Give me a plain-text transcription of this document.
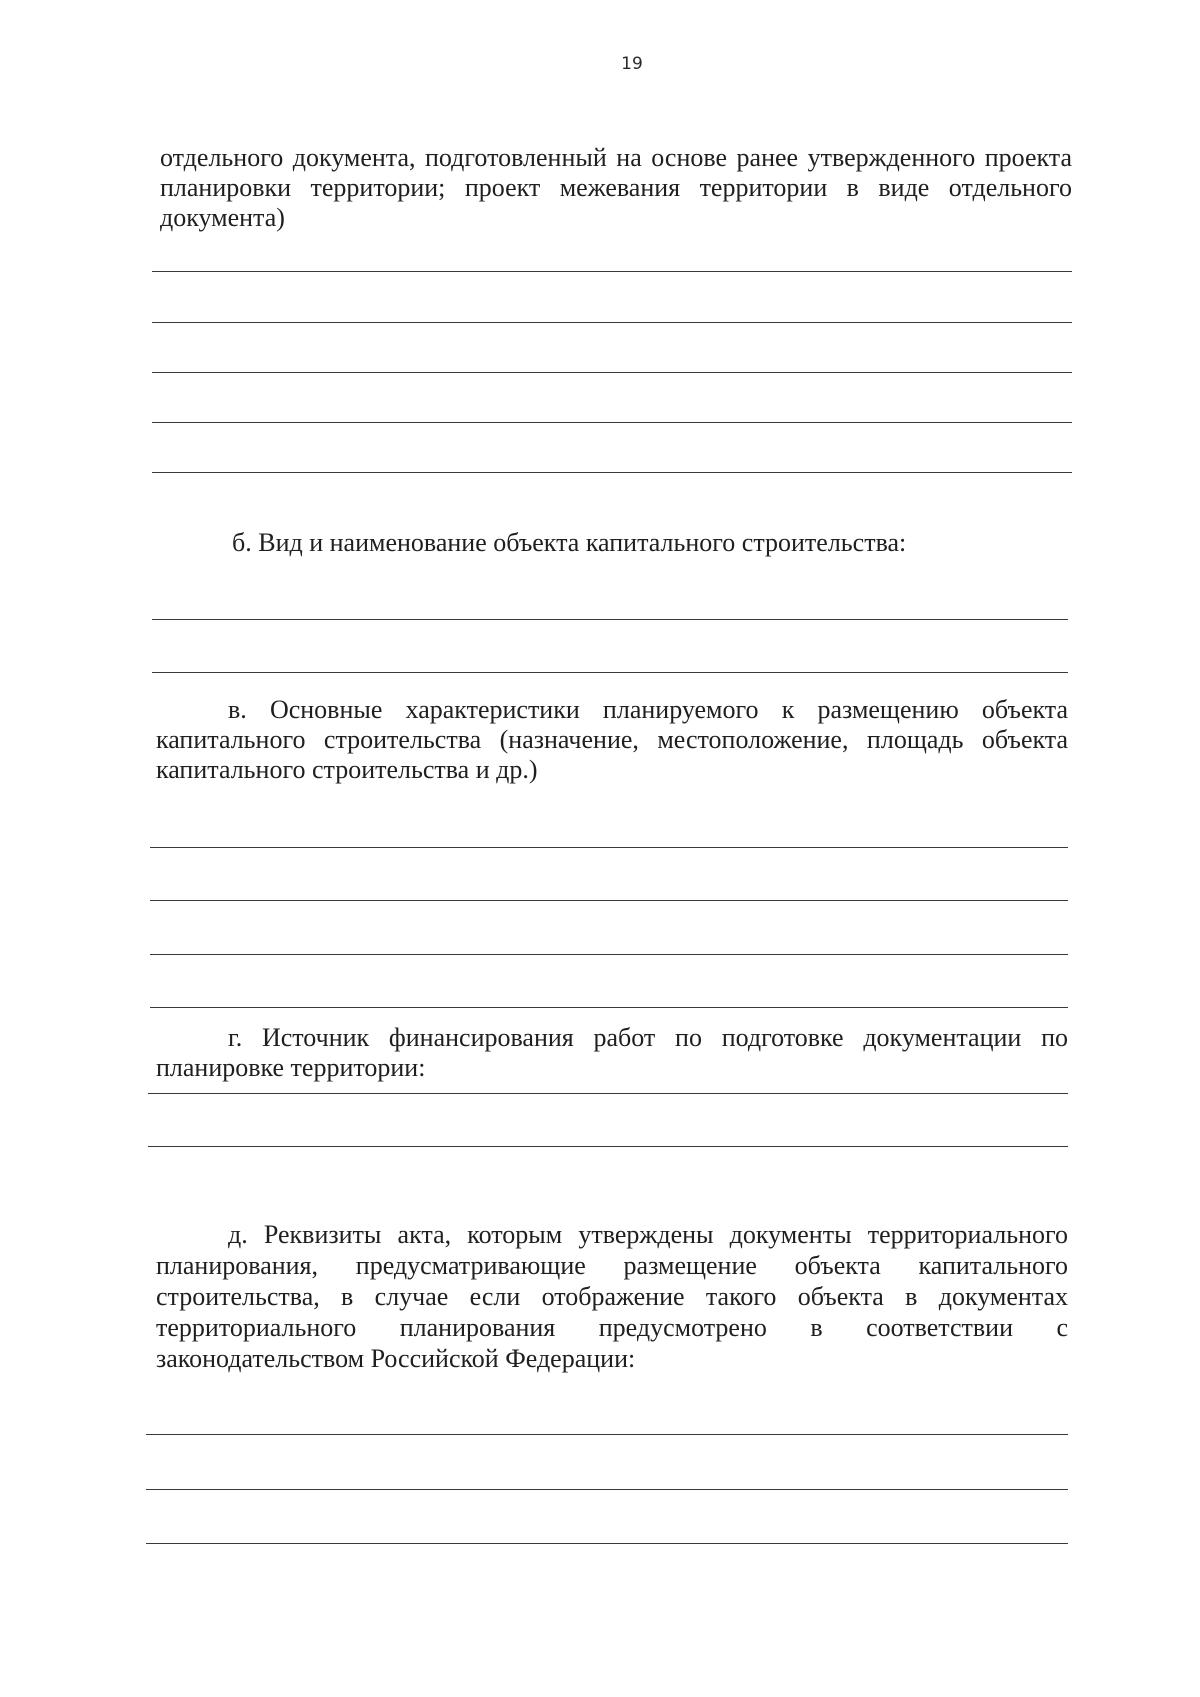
19

отдельного документа, подготовленный на основе ранее утвержденного проекта планировки территории; проект межевания территории в виде отдельного документа)

б. Вид и наименование объекта капитального строительства:

в. Основные характеристики планируемого к размещению объекта капитального строительства (назначение, местоположение, площадь объекта капитального строительства и др.)

г. Источник финансирования работ по подготовке документации по планировке территории:

д. Реквизиты акта, которым утверждены документы территориального планирования, предусматривающие размещение объекта капитального строительства, в случае если отображение такого объекта в документах территориального планирования предусмотрено в соответствии с законодательством Российской Федерации:
